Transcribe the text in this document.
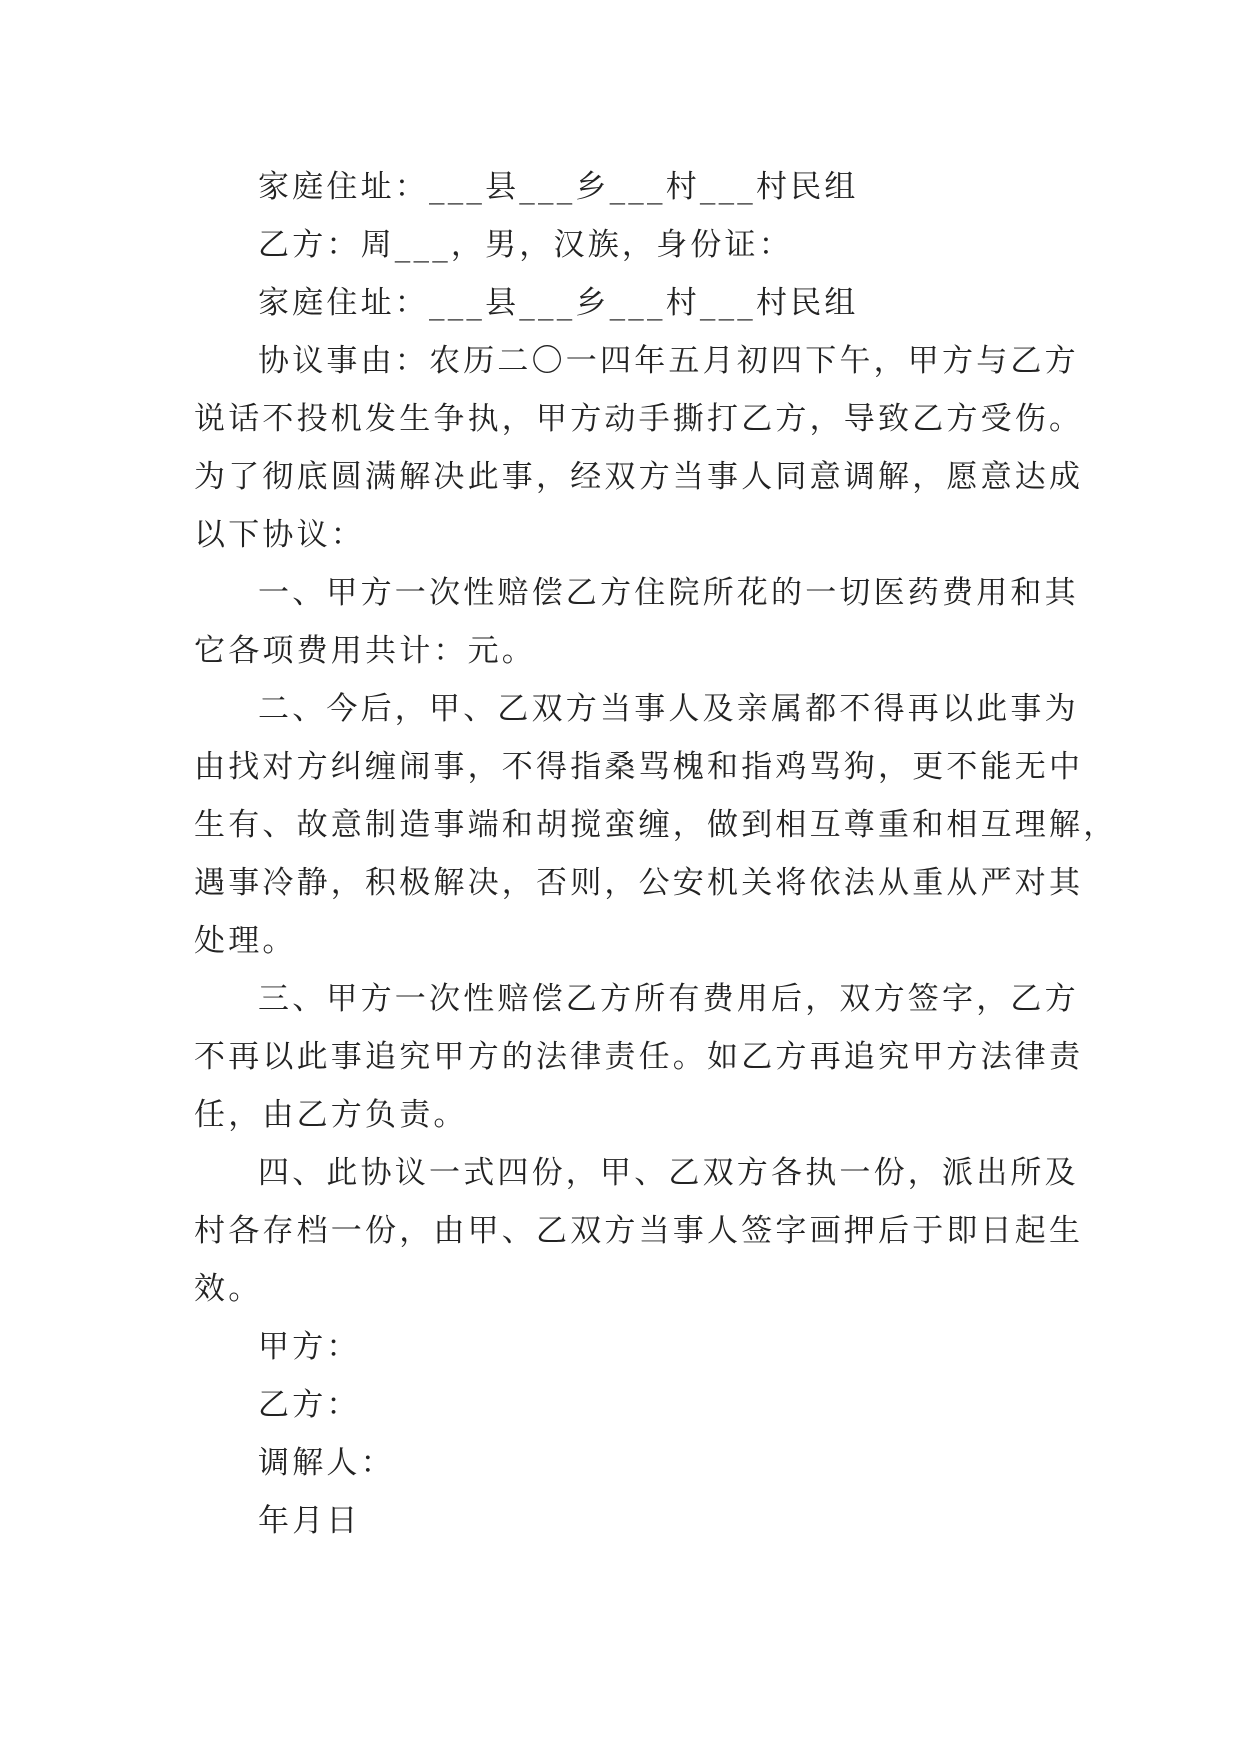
家庭住址：___县___乡___村___村民组

乙方：周___，男，汉族，身份证：

家庭住址：___县___乡___村___村民组

协议事由：农历二〇一四年五月初四下午，甲方与乙方
说话不投机发生争执，甲方动手撕打乙方，导致乙方受伤。
为了彻底圆满解决此事，经双方当事人同意调解，愿意达成
以下协议：

一、甲方一次性赔偿乙方住院所花的一切医药费用和其
它各项费用共计：元。

二、今后，甲、乙双方当事人及亲属都不得再以此事为
由找对方纠缠闹事，不得指桑骂槐和指鸡骂狗，更不能无中
生有、故意制造事端和胡搅蛮缠，做到相互尊重和相互理解，
遇事冷静，积极解决，否则，公安机关将依法从重从严对其
处理。

三、甲方一次性赔偿乙方所有费用后，双方签字，乙方
不再以此事追究甲方的法律责任。如乙方再追究甲方法律责
任，由乙方负责。

四、此协议一式四份，甲、乙双方各执一份，派出所及
村各存档一份，由甲、乙双方当事人签字画押后于即日起生
效。

甲方：

乙方：

调解人：

年月日
